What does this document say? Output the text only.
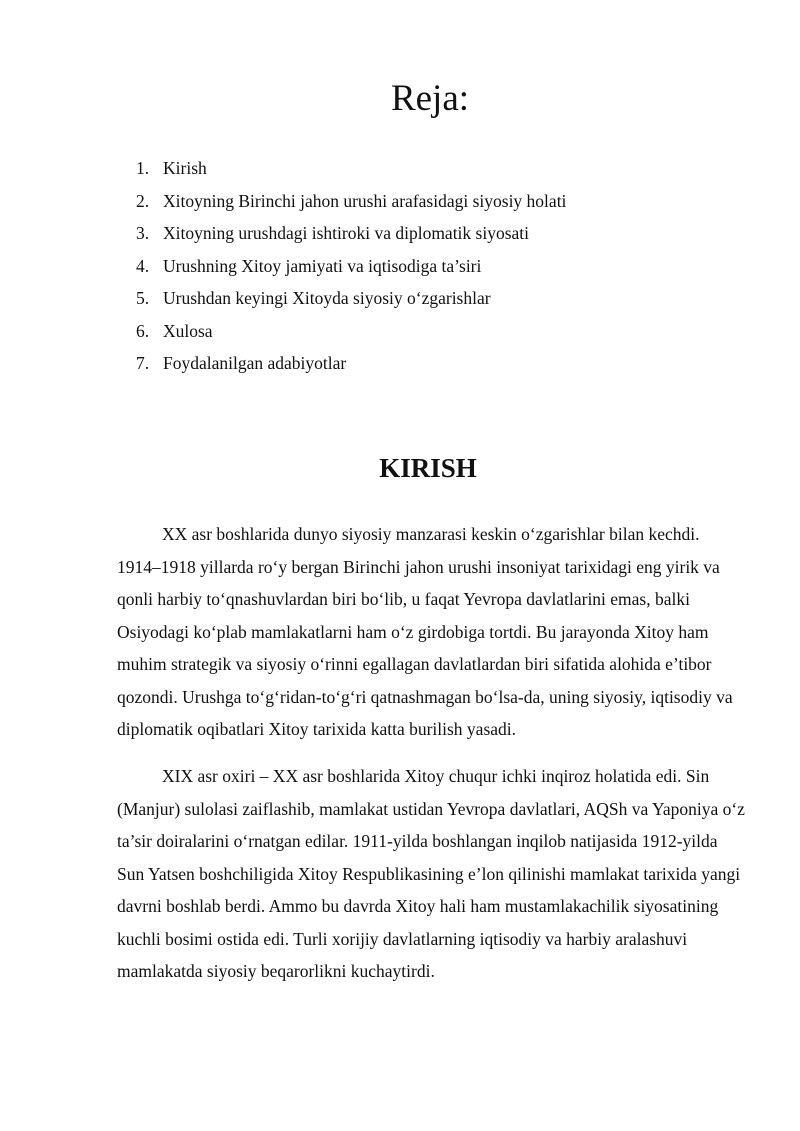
Reja:
1. Kirish
2. Xitoyning Birinchi jahon urushi arafasidagi siyosiy holati
3. Xitoyning urushdagi ishtiroki va diplomatik siyosati
4. Urushning Xitoy jamiyati va iqtisodiga ta’siri
5. Urushdan keyingi Xitoyda siyosiy o‘zgarishlar
6. Xulosa
7. Foydalanilgan adabiyotlar
KIRISH

XX asr boshlarida dunyo siyosiy manzarasi keskin o‘zgarishlar bilan kechdi. 1914–1918 yillarda ro‘y bergan Birinchi jahon urushi insoniyat tarixidagi eng yirik va qonli harbiy to‘qnashuvlardan biri bo‘lib, u faqat Yevropa davlatlarini emas, balki Osiyodagi ko‘plab mamlakatlarni ham o‘z girdobiga tortdi. Bu jarayonda Xitoy ham muhim strategik va siyosiy o‘rinni egallagan davlatlardan biri sifatida alohida e’tibor qozondi. Urushga to‘g‘ridan-to‘g‘ri qatnashmagan bo‘lsa-da, uning siyosiy, iqtisodiy va diplomatik oqibatlari Xitoy tarixida katta burilish yasadi.

XIX asr oxiri – XX asr boshlarida Xitoy chuqur ichki inqiroz holatida edi. Sin (Manjur) sulolasi zaiflashib, mamlakat ustidan Yevropa davlatlari, AQSh va Yaponiya o‘z ta’sir doiralarini o‘rnatgan edilar. 1911-yilda boshlangan inqilob natijasida 1912-yilda Sun Yatsen boshchiligida Xitoy Respublikasining e’lon qilinishi mamlakat tarixida yangi davrni boshlab berdi. Ammo bu davrda Xitoy hali ham mustamlakachilik siyosatining kuchli bosimi ostida edi. Turli xorijiy davlatlarning iqtisodiy va harbiy aralashuvi mamlakatda siyosiy beqarorlikni kuchaytirdi.
